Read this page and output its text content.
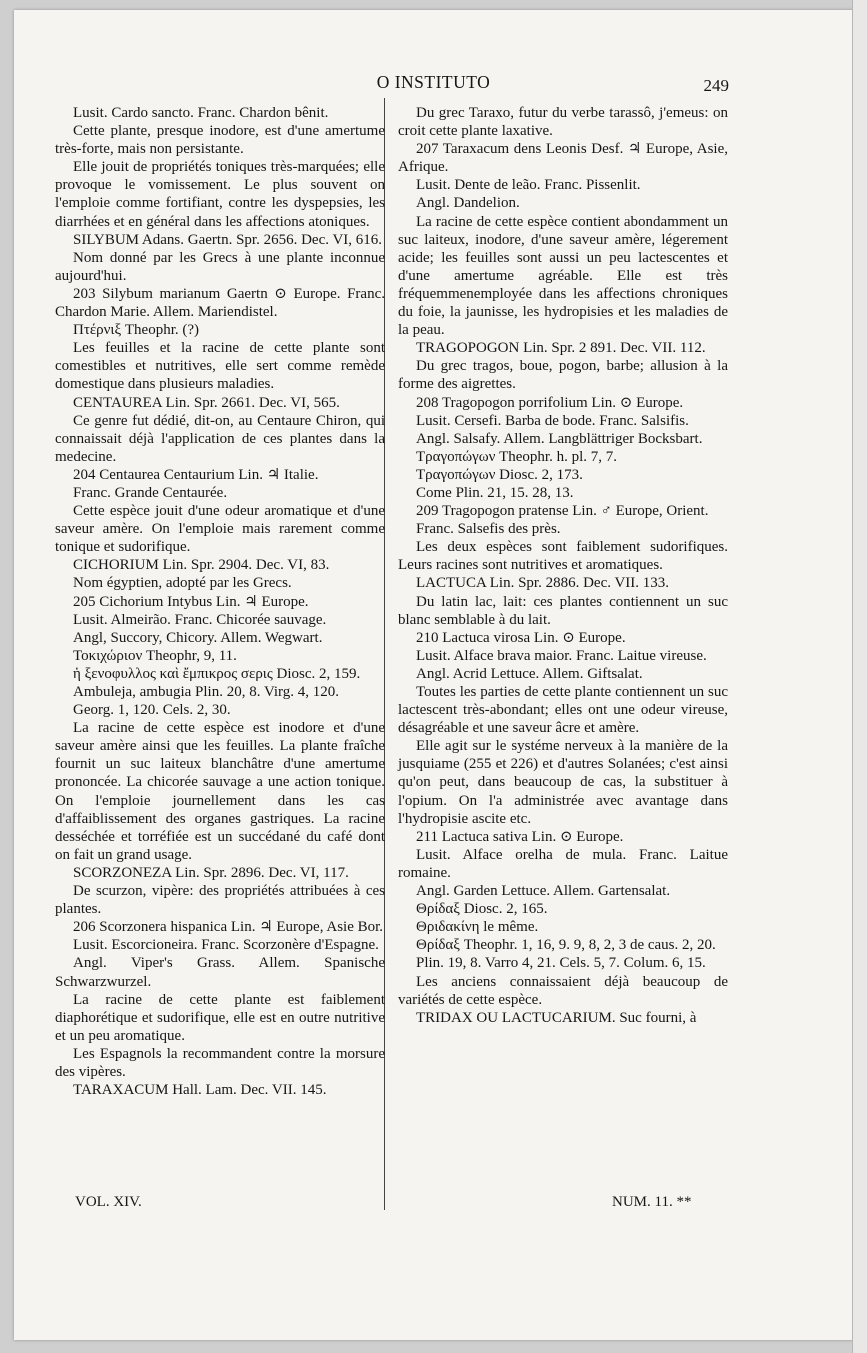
O INSTITUTO	249

Lusit. Cardo sancto. Franc. Chardon bênit.

Cette plante, presque inodore, est d'une amertume très-forte, mais non persistante.

Elle jouit de propriétés toniques très-marquées; elle provoque le vomissement. Le plus souvent on l'emploie comme fortifiant, contre les dyspepsies, les diarrhées et en général dans les affections atoniques.

SILYBUM Adans. Gaertn. Spr. 2656. Dec. VI, 616.

Nom donné par les Grecs à une plante inconnue aujourd'hui.

203 Silybum marianum Gaertn ⊙ Europe. Franc. Chardon Marie. Allem. Mariendistel.

Πτέρνιξ Theophr. (?)

Les feuilles et la racine de cette plante sont comestibles et nutritives, elle sert comme remède domestique dans plusieurs maladies.

CENTAUREA Lin. Spr. 2661. Dec. VI, 565.

Ce genre fut dédié, dit-on, au Centaure Chiron, qui connaissait déjà l'application de ces plantes dans la medecine.

204 Centaurea Centaurium Lin. ♃ Italie.

Franc. Grande Centaurée.

Cette espèce jouit d'une odeur aromatique et d'une saveur amère. On l'emploie mais rarement comme tonique et sudorifique.

CICHORIUM Lin. Spr. 2904. Dec. VI, 83.

Nom égyptien, adopté par les Grecs.

205 Cichorium Intybus Lin. ♃ Europe.

Lusit. Almeirão. Franc. Chicorée sauvage.

Angl, Succory, Chicory. Allem. Wegwart.

Τοκιχώριον Theophr, 9, 11.

ἡ ξενοφυλλος καὶ ἔμπικρος σερις Diosc. 2, 159.

Ambuleja, ambugia Plin. 20, 8. Virg. 4, 120.

Georg. 1, 120. Cels. 2, 30.

La racine de cette espèce est inodore et d'une saveur amère ainsi que les feuilles. La plante fraîche fournit un suc laiteux blanchâtre d'une amertume prononcée. La chicorée sauvage a une action tonique. On l'emploie journellement dans les cas d'affaiblissement des organes gastriques. La racine desséchée et torréfiée est un succédané du café dont on fait un grand usage.

SCORZONEZA Lin. Spr. 2896. Dec. VI, 117.

De scurzon, vipère: des propriétés attribuées à ces plantes.

206 Scorzonera hispanica Lin. ♃ Europe, Asie Bor.

Lusit. Escorcioneira. Franc. Scorzonère d'Espagne.

Angl. Viper's Grass. Allem. Spanische Schwarzwurzel.

La racine de cette plante est faiblement diaphorétique et sudorifique, elle est en outre nutritive et un peu aromatique.

Les Espagnols la recommandent contre la morsure des vipères.

TARAXACUM Hall. Lam. Dec. VII. 145.

Du grec Taraxo, futur du verbe tarassô, j'emeus: on croit cette plante laxative.

207 Taraxacum dens Leonis Desf. ♃ Europe, Asie, Afrique.

Lusit. Dente de leão. Franc. Pissenlit.

Angl. Dandelion.

La racine de cette espèce contient abondamment un suc laiteux, inodore, d'une saveur amère, légerement acide; les feuilles sont aussi un peu lactescentes et d'une amertume agréable. Elle est très fréquemmenemployée dans les affections chroniques du foie, la jaunisse, les hydropisies et les maladies de la peau.

TRAGOPOGON Lin. Spr. 2 891. Dec. VII. 112.

Du grec tragos, boue, pogon, barbe; allusion à la forme des aigrettes.

208 Tragopogon porrifolium Lin. ⊙ Europe.

Lusit. Cersefi. Barba de bode. Franc. Salsifis.

Angl. Salsafy. Allem. Langblättriger Bocksbart.

Τραγοπώγων Theophr. h. pl. 7, 7.

Τραγοπώγων Diosc. 2, 173.

Come Plin. 21, 15. 28, 13.

209 Tragopogon pratense Lin. ♂ Europe, Orient.

Franc. Salsefis des près.

Les deux espèces sont faiblement sudorifiques. Leurs racines sont nutritives et aromatiques.

LACTUCA Lin. Spr. 2886. Dec. VII. 133.

Du latin lac, lait: ces plantes contiennent un suc blanc semblable à du lait.

210 Lactuca virosa Lin. ⊙ Europe.

Lusit. Alface brava maior. Franc. Laitue vireuse.

Angl. Acrid Lettuce. Allem. Giftsalat.

Toutes les parties de cette plante contiennent un suc lactescent très-abondant; elles ont une odeur vireuse, désagréable et une saveur âcre et amère.

Elle agit sur le systéme nerveux à la manière de la jusquiame (255 et 226) et d'autres Solanées; c'est ainsi qu'on peut, dans beaucoup de cas, la substituer à l'opium. On l'a administrée avec avantage dans l'hydropisie ascite etc.

211 Lactuca sativa Lin. ⊙ Europe.

Lusit. Alface orelha de mula. Franc. Laitue romaine.

Angl. Garden Lettuce. Allem. Gartensalat.

Θρίδαξ Diosc. 2, 165.

Θριδακίνη le même.

Θρίδαξ Theophr. 1, 16, 9. 9, 8, 2, 3 de caus. 2, 20.

Plin. 19, 8. Varro 4, 21. Cels. 5, 7. Colum. 6, 15.

Les anciens connaissaient déjà beaucoup de variétés de cette espèce.

TRIDAX OU LACTUCARIUM. Suc fourni, à

VOL. XIV.	NUM. 11. **
